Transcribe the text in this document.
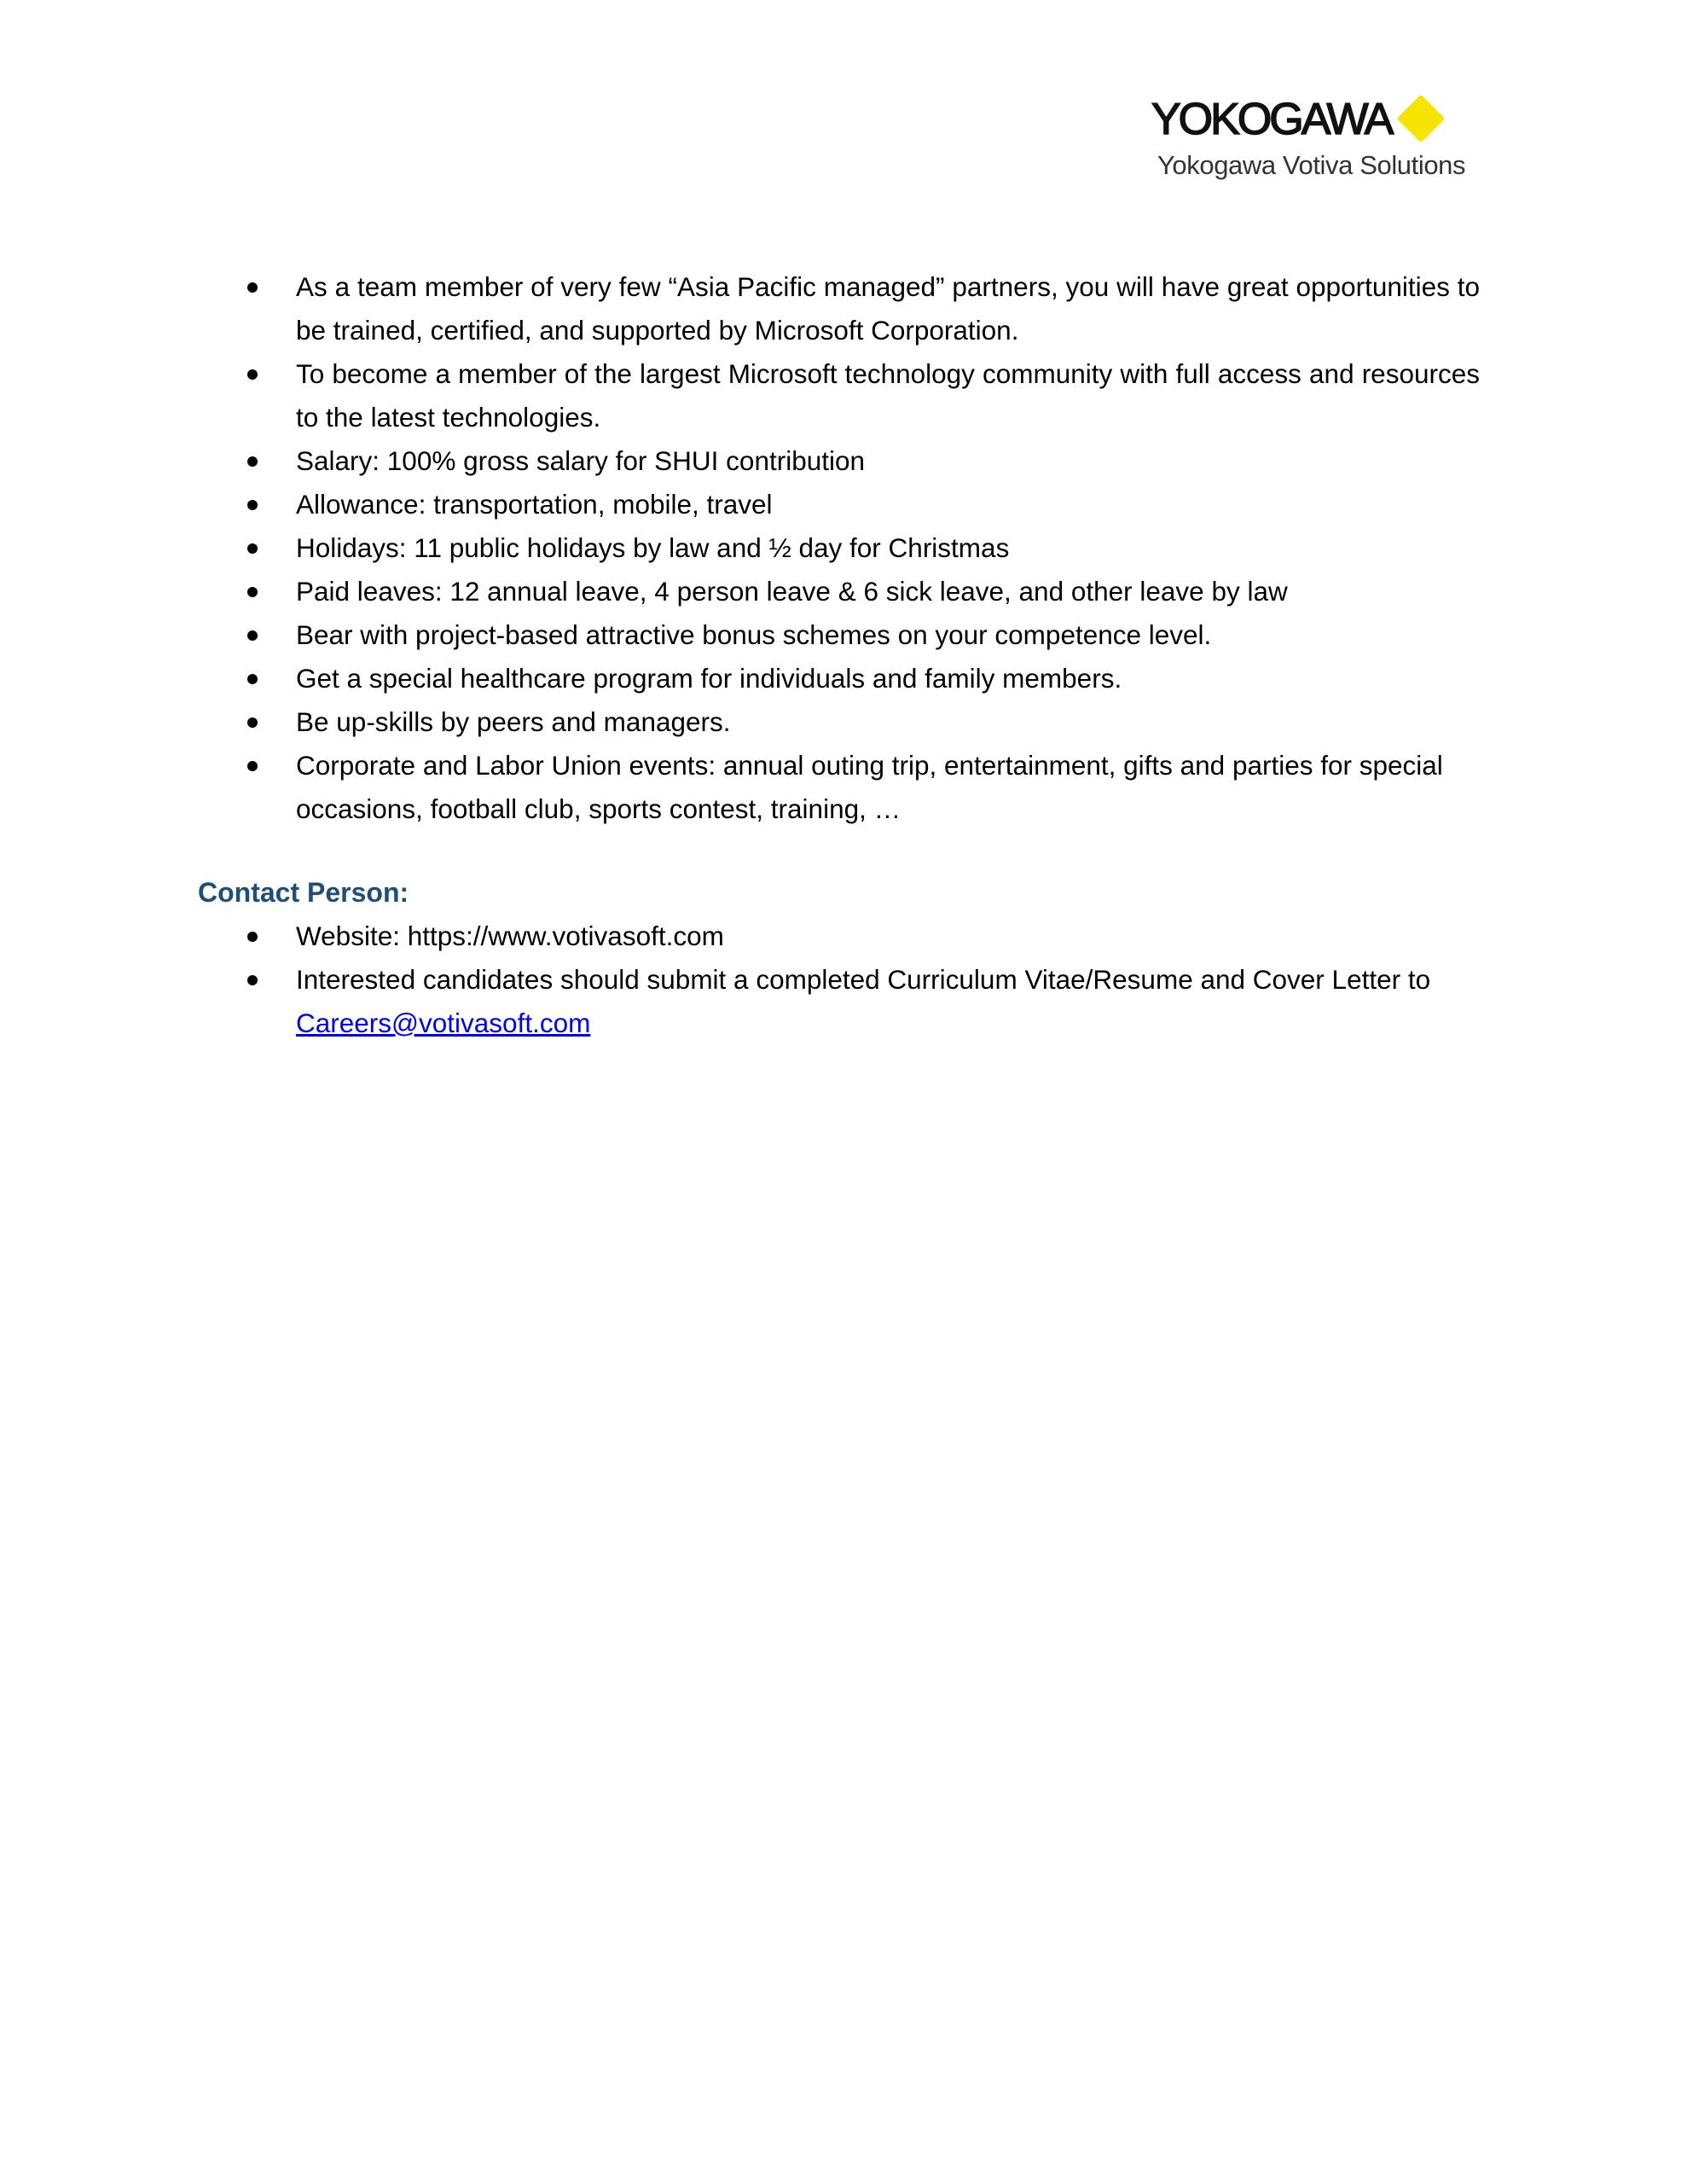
YOKOGAWA
Yokogawa Votiva Solutions
As a team member of very few “Asia Pacific managed” partners, you will have great opportunities to be trained, certified, and supported by Microsoft Corporation.
To become a member of the largest Microsoft technology community with full access and resources to the latest technologies.
Salary: 100% gross salary for SHUI contribution
Allowance: transportation, mobile, travel
Holidays: 11 public holidays by law and ½ day for Christmas
Paid leaves: 12 annual leave, 4 person leave & 6 sick leave, and other leave by law
Bear with project-based attractive bonus schemes on your competence level.
Get a special healthcare program for individuals and family members.
Be up-skills by peers and managers.
Corporate and Labor Union events: annual outing trip, entertainment, gifts and parties for special occasions, football club, sports contest, training, …
Contact Person:
Website: https://www.votivasoft.com
Interested candidates should submit a completed Curriculum Vitae/Resume and Cover Letter to
Careers@votivasoft.com
